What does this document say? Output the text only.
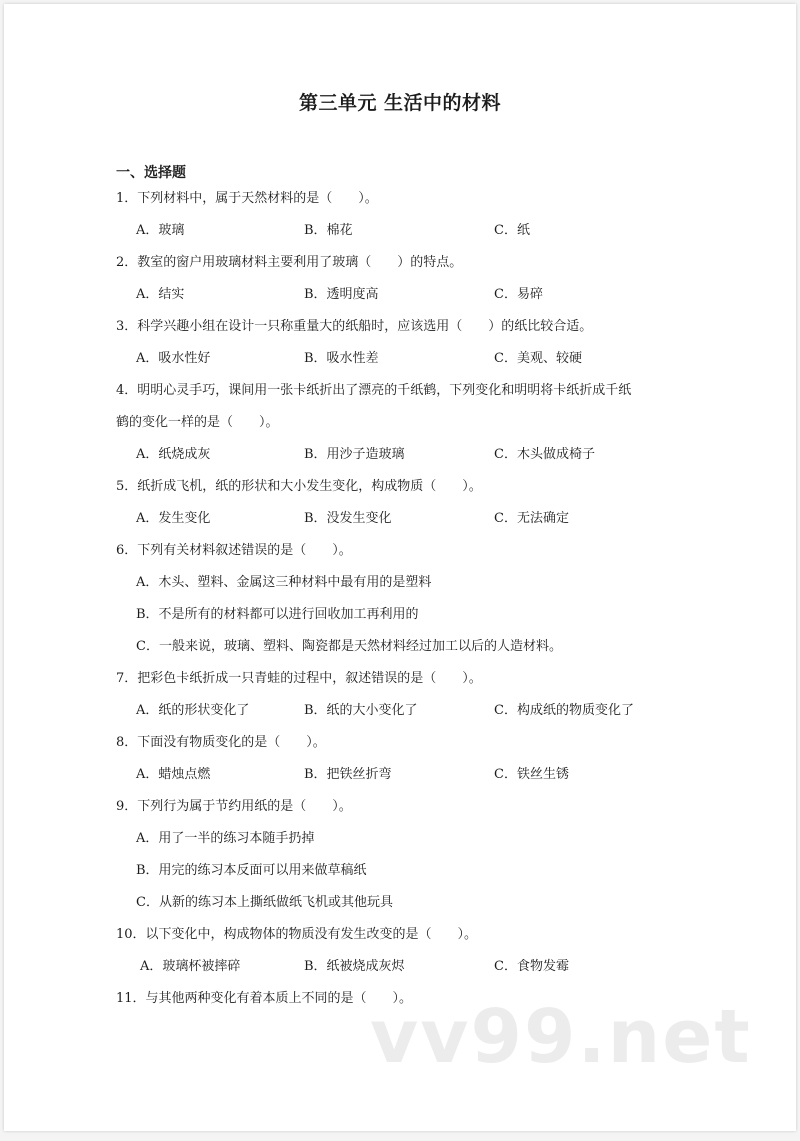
第三单元 生活中的材料
一、选择题
1．下列材料中，属于天然材料的是（　　）。
A．玻璃	B．棉花	C．纸
2．教室的窗户用玻璃材料主要利用了玻璃（　　）的特点。
A．结实	B．透明度高	C．易碎
3．科学兴趣小组在设计一只称重量大的纸船时，应该选用（　　）的纸比较合适。
A．吸水性好	B．吸水性差	C．美观、较硬
4．明明心灵手巧，课间用一张卡纸折出了漂亮的千纸鹤，下列变化和明明将卡纸折成千纸
鹤的变化一样的是（　　）。
A．纸烧成灰	B．用沙子造玻璃	C．木头做成椅子
5．纸折成飞机，纸的形状和大小发生变化，构成物质（　　）。
A．发生变化	B．没发生变化	C．无法确定
6．下列有关材料叙述错误的是（　　）。
A．木头、塑料、金属这三种材料中最有用的是塑料
B．不是所有的材料都可以进行回收加工再利用的
C．一般来说，玻璃、塑料、陶瓷都是天然材料经过加工以后的人造材料。
7．把彩色卡纸折成一只青蛙的过程中，叙述错误的是（　　）。
A．纸的形状变化了	B．纸的大小变化了	C．构成纸的物质变化了
8．下面没有物质变化的是（　　）。
A．蜡烛点燃	B．把铁丝折弯	C．铁丝生锈
9．下列行为属于节约用纸的是（　　）。
A．用了一半的练习本随手扔掉
B．用完的练习本反面可以用来做草稿纸
C．从新的练习本上撕纸做纸飞机或其他玩具
10．以下变化中，构成物体的物质没有发生改变的是（　　）。
A．玻璃杯被摔碎	B．纸被烧成灰烬	C．食物发霉
11．与其他两种变化有着本质上不同的是（　　）。
vv99.net
